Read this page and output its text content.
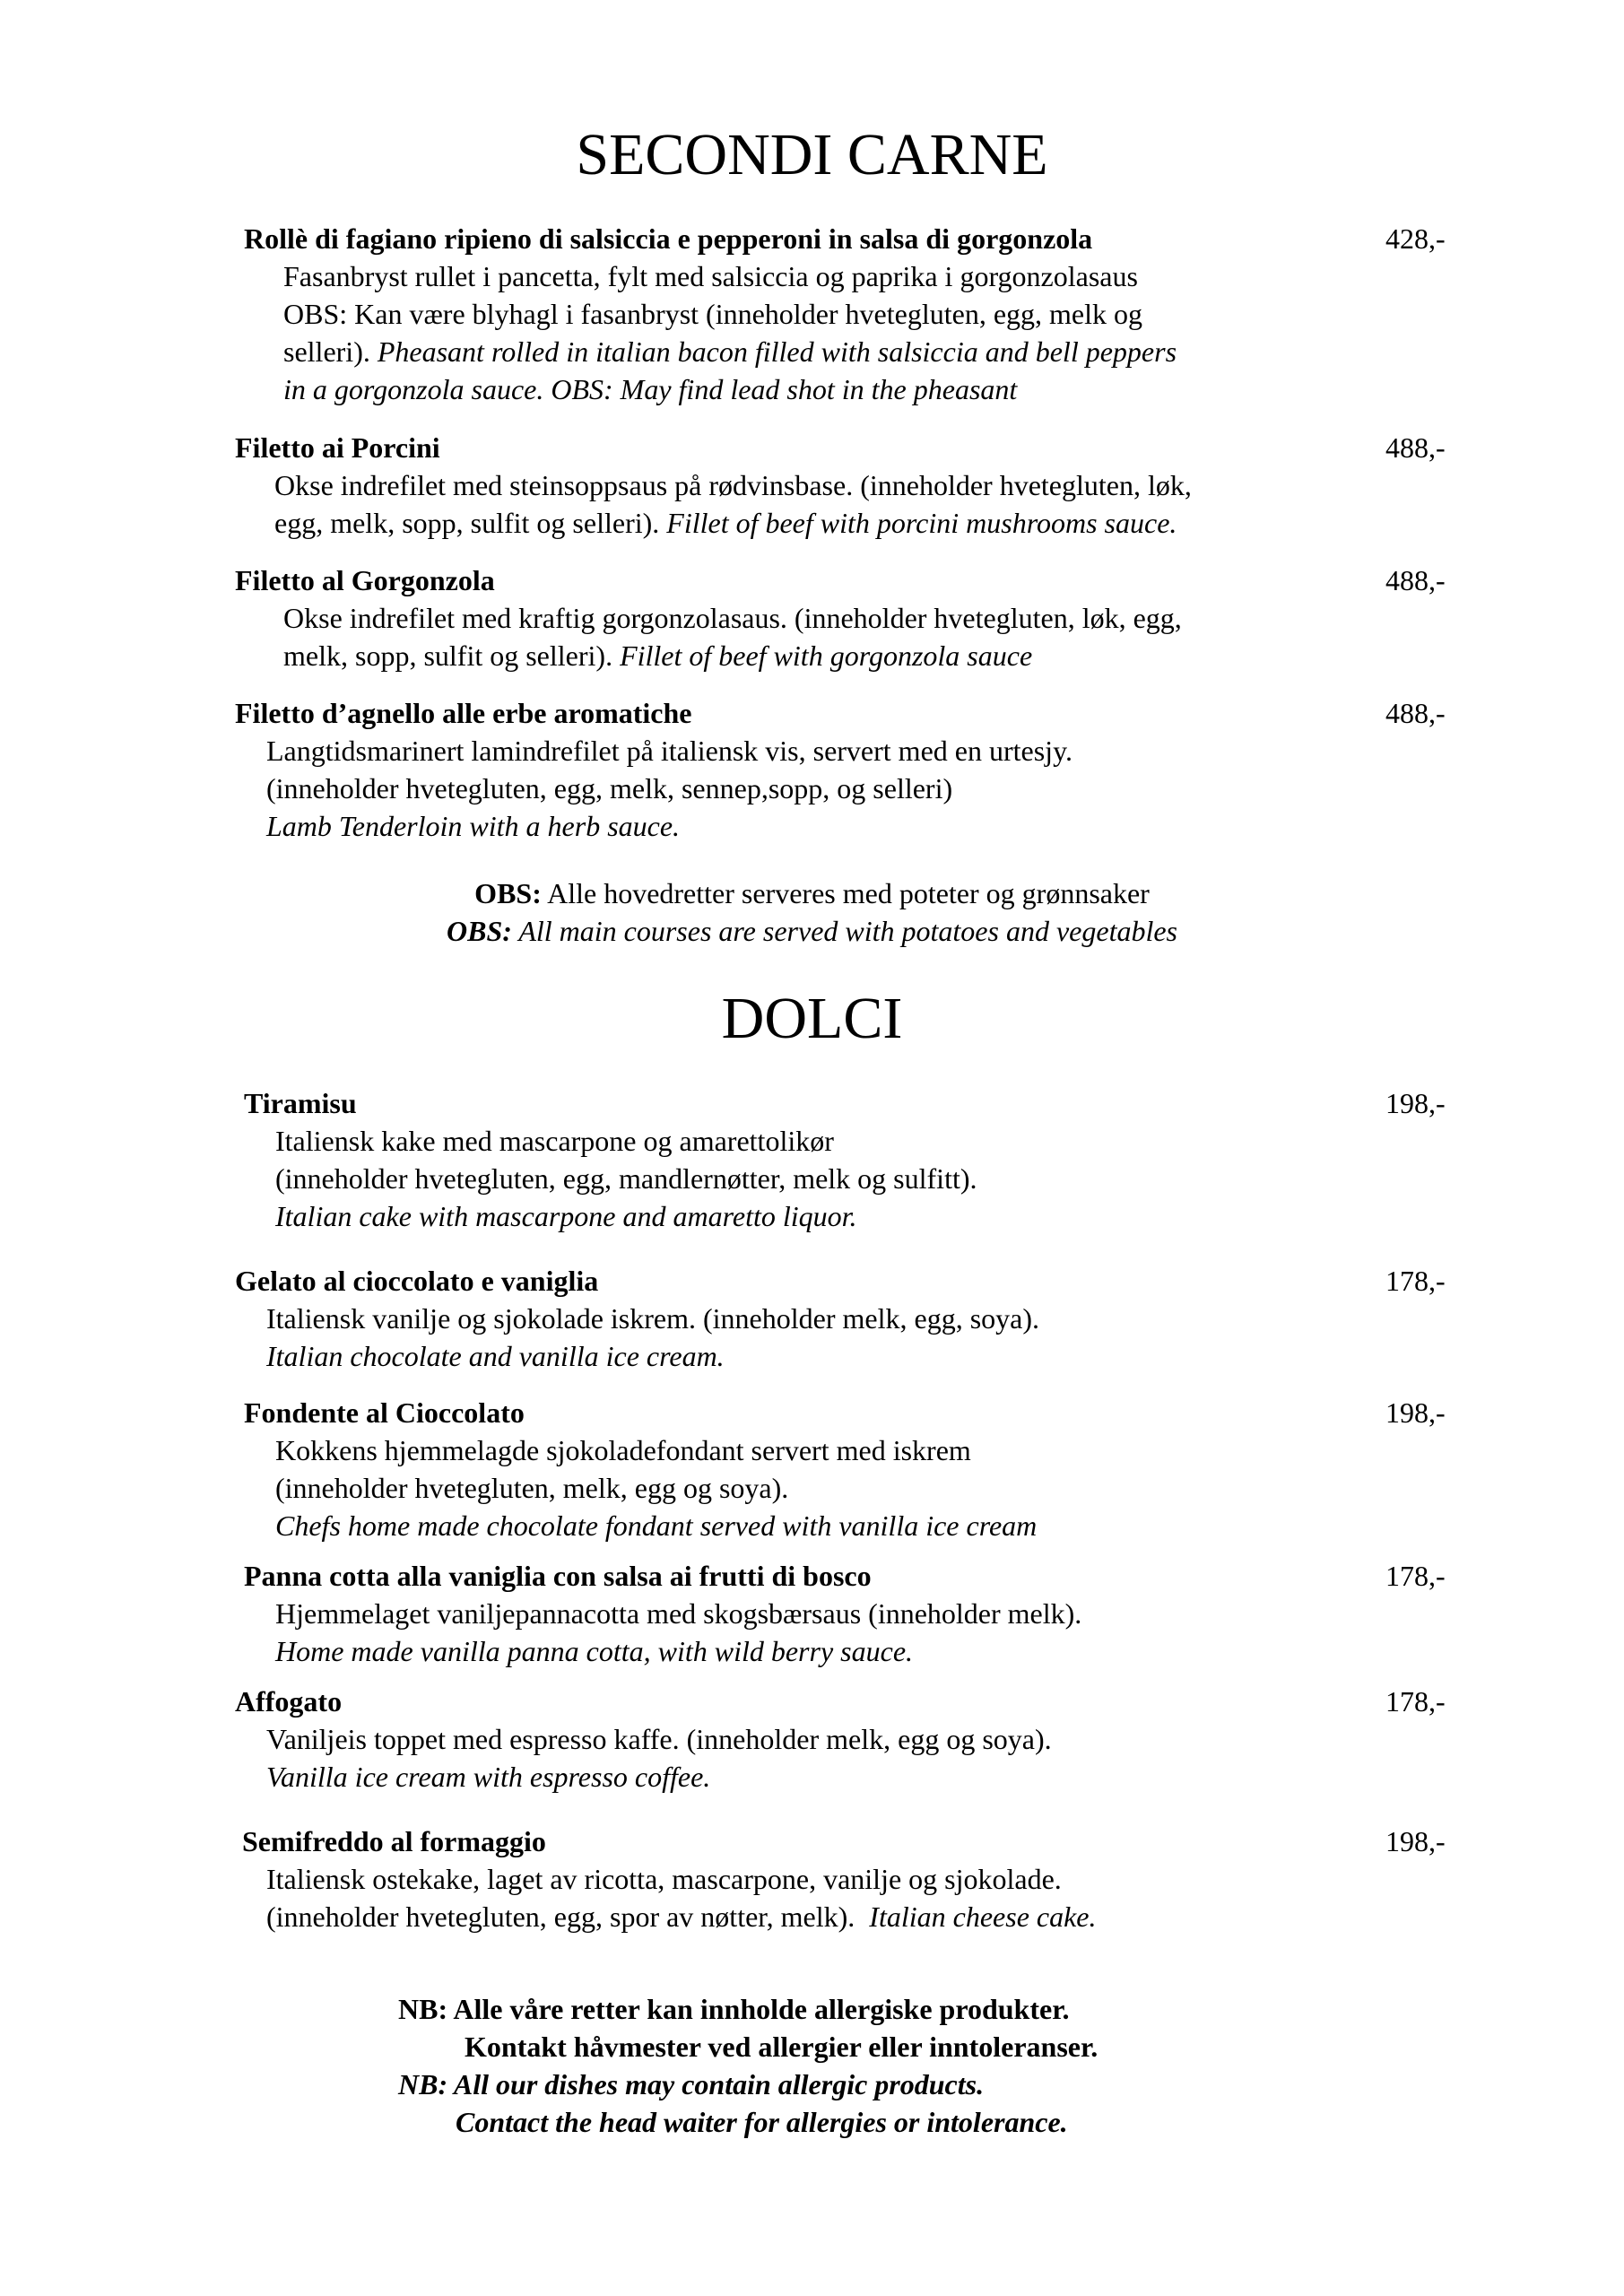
SECONDI CARNE
Rollè di fagiano ripieno di salsiccia e pepperoni in salsa di gorgonzola	428,-
Fasanbryst rullet i pancetta, fylt med salsiccia og paprika i gorgonzolasaus
OBS: Kan være blyhagl i fasanbryst (inneholder hvetegluten, egg, melk og
selleri). Pheasant rolled in italian bacon filled with salsiccia and bell peppers
in a gorgonzola sauce. OBS: May find lead shot in the pheasant
Filetto ai Porcini	488,-
Okse indrefilet med steinsoppsaus på rødvinsbase. (inneholder hvetegluten, løk,
egg, melk, sopp, sulfit og selleri). Fillet of beef with porcini mushrooms sauce.
Filetto al Gorgonzola	488,-
Okse indrefilet med kraftig gorgonzolasaus. (inneholder hvetegluten, løk, egg,
melk, sopp, sulfit og selleri). Fillet of beef with gorgonzola sauce
Filetto d’agnello alle erbe aromatiche	488,-
Langtidsmarinert lamindrefilet på italiensk vis, servert med en urtesjy.
(inneholder hvetegluten, egg, melk, sennep,sopp, og selleri)
Lamb Tenderloin with a herb sauce.
OBS: Alle hovedretter serveres med poteter og grønnsaker
OBS: All main courses are served with potatoes and vegetables
DOLCI
Tiramisu	198,-
Italiensk kake med mascarpone og amarettolikør
(inneholder hvetegluten, egg, mandlernøtter, melk og sulfitt).
Italian cake with mascarpone and amaretto liquor.
Gelato al cioccolato e vaniglia	178,-
Italiensk vanilje og sjokolade iskrem. (inneholder melk, egg, soya).
Italian chocolate and vanilla ice cream.
Fondente al Cioccolato	198,-
Kokkens hjemmelagde sjokoladefondant servert med iskrem
(inneholder hvetegluten, melk, egg og soya).
Chefs home made chocolate fondant served with vanilla ice cream
Panna cotta alla vaniglia con salsa ai frutti di bosco	178,-
Hjemmelaget vaniljepannacotta med skogsbærsaus (inneholder melk).
Home made vanilla panna cotta, with wild berry sauce.
Affogato	178,-
Vaniljeis toppet med espresso kaffe. (inneholder melk, egg og soya).
Vanilla ice cream with espresso coffee.
Semifreddo al formaggio	198,-
Italiensk ostekake, laget av ricotta, mascarpone, vanilje og sjokolade.
(inneholder hvetegluten, egg, spor av nøtter, melk). Italian cheese cake.
NB: Alle våre retter kan innholde allergiske produkter.
Kontakt håvmester ved allergier eller inntoleranser.
NB: All our dishes may contain allergic products.
Contact the head waiter for allergies or intolerance.
